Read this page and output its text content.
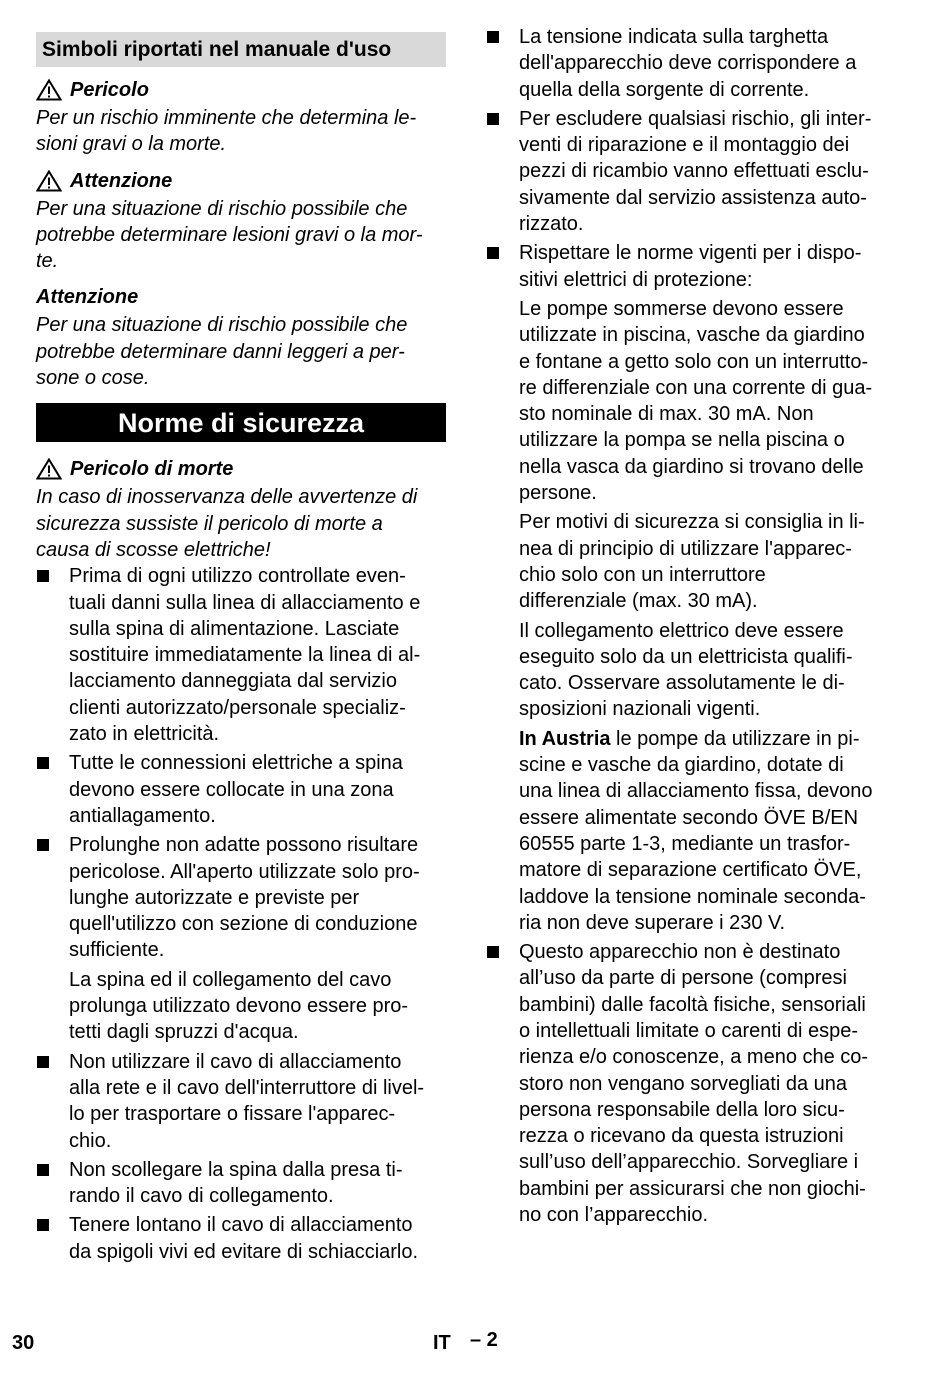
Simboli riportati nel manuale d'uso
Pericolo

Per un rischio imminente che determina le-

sioni gravi o la morte.

Attenzione

Per una situazione di rischio possibile che

potrebbe determinare lesioni gravi o la mor-

te.

Attenzione

Per una situazione di rischio possibile che

potrebbe determinare danni leggeri a per-

sone o cose.

Norme di sicurezza
Pericolo di morte

In caso di inosservanza delle avvertenze di

sicurezza sussiste il pericolo di morte a

causa di scosse elettriche!

Prima di ogni utilizzo controllate even-

tuali danni sulla linea di allacciamento e

sulla spina di alimentazione. Lasciate

sostituire immediatamente la linea di al-

lacciamento danneggiata dal servizio

clienti autorizzato/personale specializ-

zato in elettricità.

Tutte le connessioni elettriche a spina

devono essere collocate in una zona

antiallagamento.

Prolunghe non adatte possono risultare

pericolose. All'aperto utilizzate solo pro-

lunghe autorizzate e previste per

quell'utilizzo con sezione di conduzione

sufficiente.

La spina ed il collegamento del cavo

prolunga utilizzato devono essere pro-

tetti dagli spruzzi d'acqua.

Non utilizzare il cavo di allacciamento

alla rete e il cavo dell'interruttore di livel-

lo per trasportare o fissare l'apparec-

chio.

Non scollegare la spina dalla presa ti-

rando il cavo di collegamento.

Tenere lontano il cavo di allacciamento

da spigoli vivi ed evitare di schiacciarlo.

La tensione indicata sulla targhetta

dell'apparecchio deve corrispondere a

quella della sorgente di corrente.

Per escludere qualsiasi rischio, gli inter-

venti di riparazione e il montaggio dei

pezzi di ricambio vanno effettuati esclu-

sivamente dal servizio assistenza auto-

rizzato.

Rispettare le norme vigenti per i dispo-

sitivi elettrici di protezione:

Le pompe sommerse devono essere

utilizzate in piscina, vasche da giardino

e fontane a getto solo con un interrutto-

re differenziale con una corrente di gua-

sto nominale di max. 30 mA. Non

utilizzare la pompa se nella piscina o

nella vasca da giardino si trovano delle

persone.

Per motivi di sicurezza si consiglia in li-

nea di principio di utilizzare l'apparec-

chio solo con un interruttore

differenziale (max. 30 mA).

Il collegamento elettrico deve essere

eseguito solo da un elettricista qualifi-

cato. Osservare assolutamente le di-

sposizioni nazionali vigenti.

In Austria le pompe da utilizzare in pi-

scine e vasche da giardino, dotate di

una linea di allacciamento fissa, devono

essere alimentate secondo ÖVE B/EN

60555 parte 1-3, mediante un trasfor-

matore di separazione certificato ÖVE,

laddove la tensione nominale seconda-

ria non deve superare i 230 V.

Questo apparecchio non è destinato

all’uso da parte di persone (compresi

bambini) dalle facoltà fisiche, sensoriali

o intellettuali limitate o carenti di espe-

rienza e/o conoscenze, a meno che co-

storo non vengano sorvegliati da una

persona responsabile della loro sicu-

rezza o ricevano da questa istruzioni

sull’uso dell’apparecchio. Sorvegliare i

bambini per assicurarsi che non giochi-

no con l’apparecchio.

30	IT – 2
